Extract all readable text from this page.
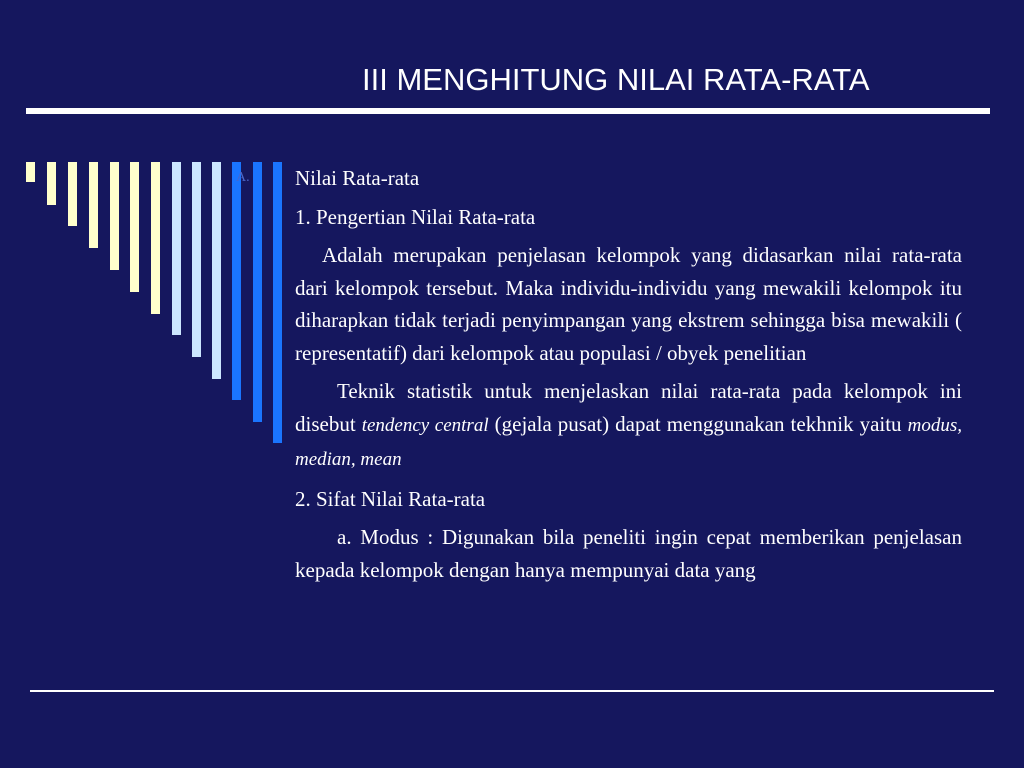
III MENGHITUNG NILAI RATA-RATA
A. Nilai Rata-rata

1. Pengertian Nilai Rata-rata

Adalah merupakan penjelasan kelompok yang didasarkan nilai rata-rata dari kelompok tersebut. Maka individu-individu yang mewakili kelompok itu diharapkan tidak terjadi penyimpangan yang ekstrem sehingga bisa mewakili ( representatif) dari kelompok atau populasi / obyek penelitian

Teknik statistik untuk menjelaskan nilai rata-rata pada kelompok ini disebut tendency central (gejala pusat) dapat menggunakan tekhnik yaitu modus, median, mean

2. Sifat Nilai Rata-rata

a. Modus : Digunakan bila peneliti ingin cepat memberikan penjelasan kepada kelompok dengan hanya mempunyai data yang
